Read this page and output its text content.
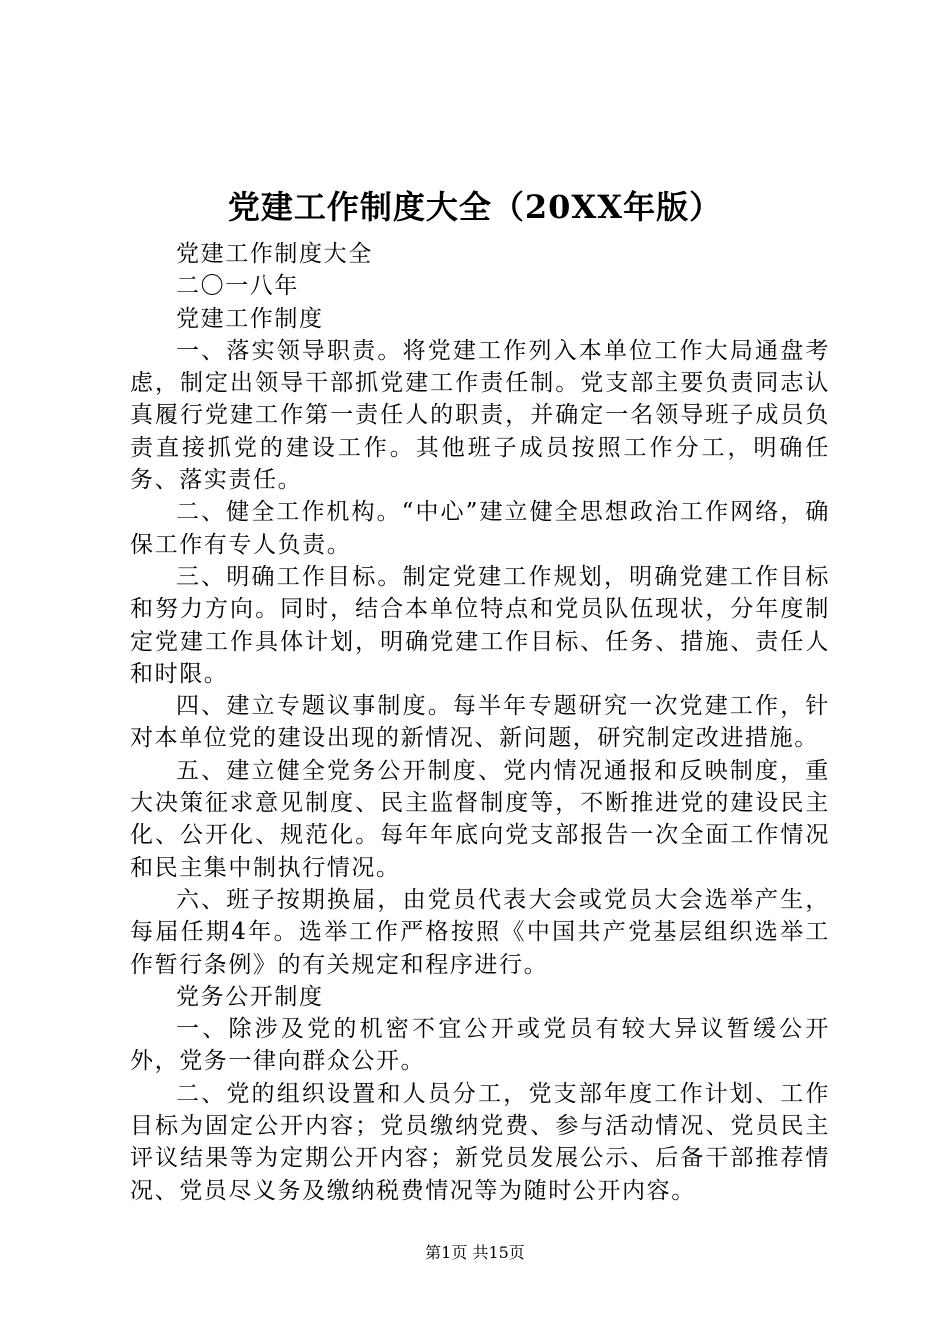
党建工作制度大全（20XX年版）

党建工作制度大全

二〇一八年

党建工作制度

一、落实领导职责。将党建工作列入本单位工作大局通盘考虑，制定出领导干部抓党建工作责任制。党支部主要负责同志认真履行党建工作第一责任人的职责，并确定一名领导班子成员负责直接抓党的建设工作。其他班子成员按照工作分工，明确任务、落实责任。

二、健全工作机构。“中心”建立健全思想政治工作网络，确保工作有专人负责。

三、明确工作目标。制定党建工作规划，明确党建工作目标和努力方向。同时，结合本单位特点和党员队伍现状，分年度制定党建工作具体计划，明确党建工作目标、任务、措施、责任人和时限。

四、建立专题议事制度。每半年专题研究一次党建工作，针对本单位党的建设出现的新情况、新问题，研究制定改进措施。

五、建立健全党务公开制度、党内情况通报和反映制度，重大决策征求意见制度、民主监督制度等，不断推进党的建设民主化、公开化、规范化。每年年底向党支部报告一次全面工作情况和民主集中制执行情况。

六、班子按期换届，由党员代表大会或党员大会选举产生，每届任期4年。选举工作严格按照《中国共产党基层组织选举工作暂行条例》的有关规定和程序进行。

党务公开制度

一、除涉及党的机密不宜公开或党员有较大异议暂缓公开外，党务一律向群众公开。

二、党的组织设置和人员分工，党支部年度工作计划、工作目标为固定公开内容；党员缴纳党费、参与活动情况、党员民主评议结果等为定期公开内容；新党员发展公示、后备干部推荐情况、党员尽义务及缴纳税费情况等为随时公开内容。

第1页 共15页
